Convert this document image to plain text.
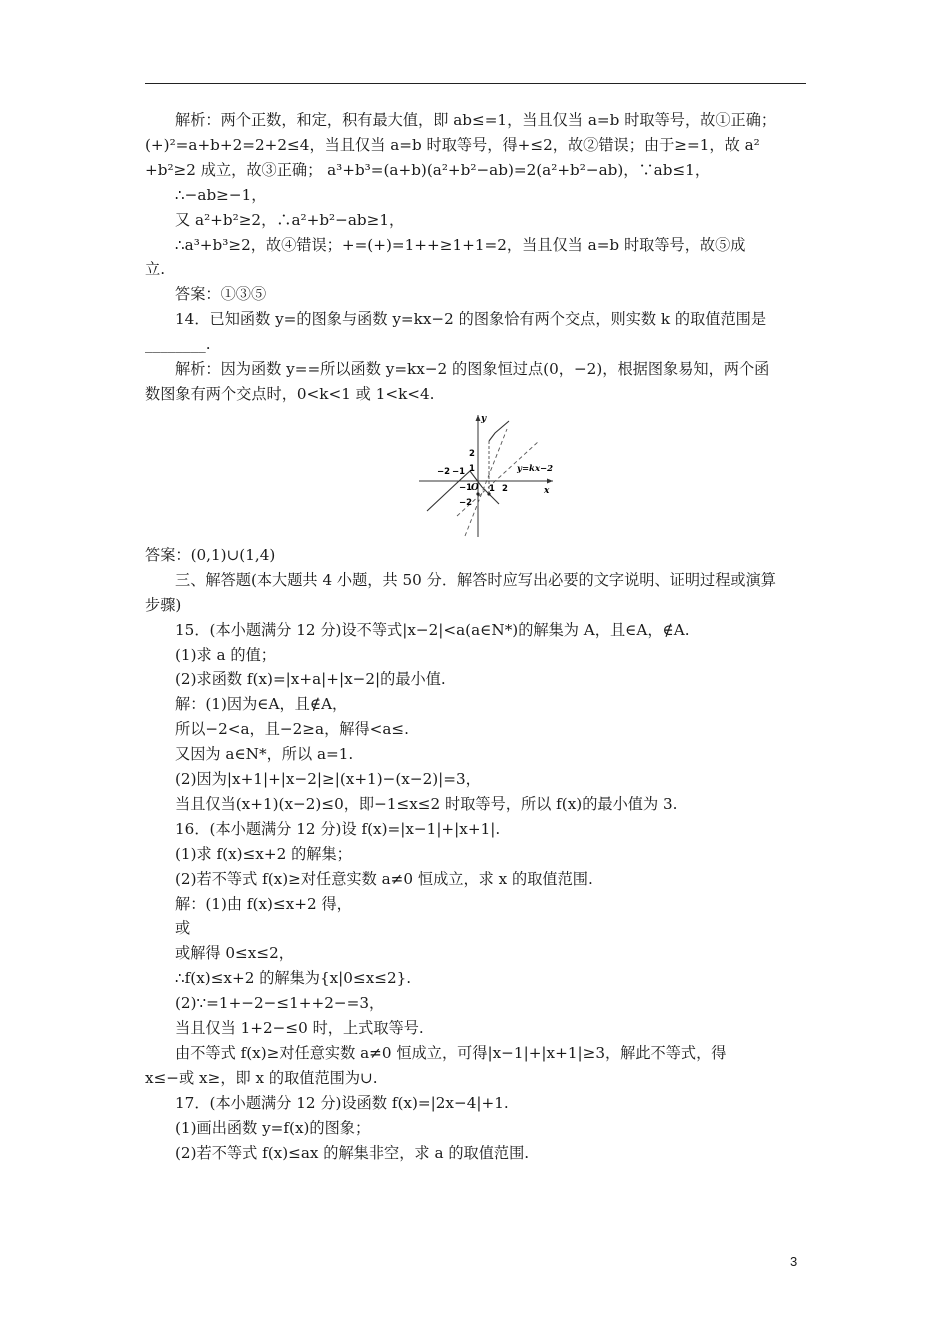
解析：两个正数，和定，积有最大值，即 ab≤=1，当且仅当 a=b 时取等号，故①正确；

(+)²=a+b+2=2+2≤4，当且仅当 a=b 时取等号，得+≤2，故②错误；由于≥=1，故 a²

+b²≥2 成立，故③正确； a³+b³=(a+b)(a²+b²−ab)=2(a²+b²−ab)，∵ab≤1，

∴−ab≥−1，

又 a²+b²≥2，∴a²+b²−ab≥1，

∴a³+b³≥2，故④错误；+=(+)=1++≥1+1=2，当且仅当 a=b 时取等号，故⑤成

立.

答案：①③⑤

14．已知函数 y=的图象与函数 y=kx−2 的图象恰有两个交点，则实数 k 的取值范围是

________.

解析：因为函数 y==所以函数 y=kx−2 的图象恒过点(0，−2)，根据图象易知，两个函

数图象有两个交点时，0<k<1 或 1<k<4.

y
x
O
y=kx−2
−2 −1
1 2
2
1
−1
−2

答案：(0,1)∪(1,4)

三、解答题(本大题共 4 小题，共 50 分．解答时应写出必要的文字说明、证明过程或演算

步骤)

15．(本小题满分 12 分)设不等式|x−2|<a(a∈N*)的解集为 A，且∈A，∉A.

(1)求 a 的值；

(2)求函数 f(x)=|x+a|+|x−2|的最小值.

解：(1)因为∈A，且∉A，

所以−2<a，且−2≥a，解得<a≤.

又因为 a∈N*，所以 a=1.

(2)因为|x+1|+|x−2|≥|(x+1)−(x−2)|=3，

当且仅当(x+1)(x−2)≤0，即−1≤x≤2 时取等号，所以 f(x)的最小值为 3.

16．(本小题满分 12 分)设 f(x)=|x−1|+|x+1|.

(1)求 f(x)≤x+2 的解集；

(2)若不等式 f(x)≥对任意实数 a≠0 恒成立，求 x 的取值范围.

解：(1)由 f(x)≤x+2 得，

或

或解得 0≤x≤2，

∴f(x)≤x+2 的解集为{x|0≤x≤2}.

(2)∵=1+−2−≤1++2−=3，

当且仅当 1+2−≤0 时，上式取等号.

由不等式 f(x)≥对任意实数 a≠0 恒成立，可得|x−1|+|x+1|≥3，解此不等式，得

x≤−或 x≥，即 x 的取值范围为∪.

17．(本小题满分 12 分)设函数 f(x)=|2x−4|+1.

(1)画出函数 y=f(x)的图象；

(2)若不等式 f(x)≤ax 的解集非空，求 a 的取值范围.

3
